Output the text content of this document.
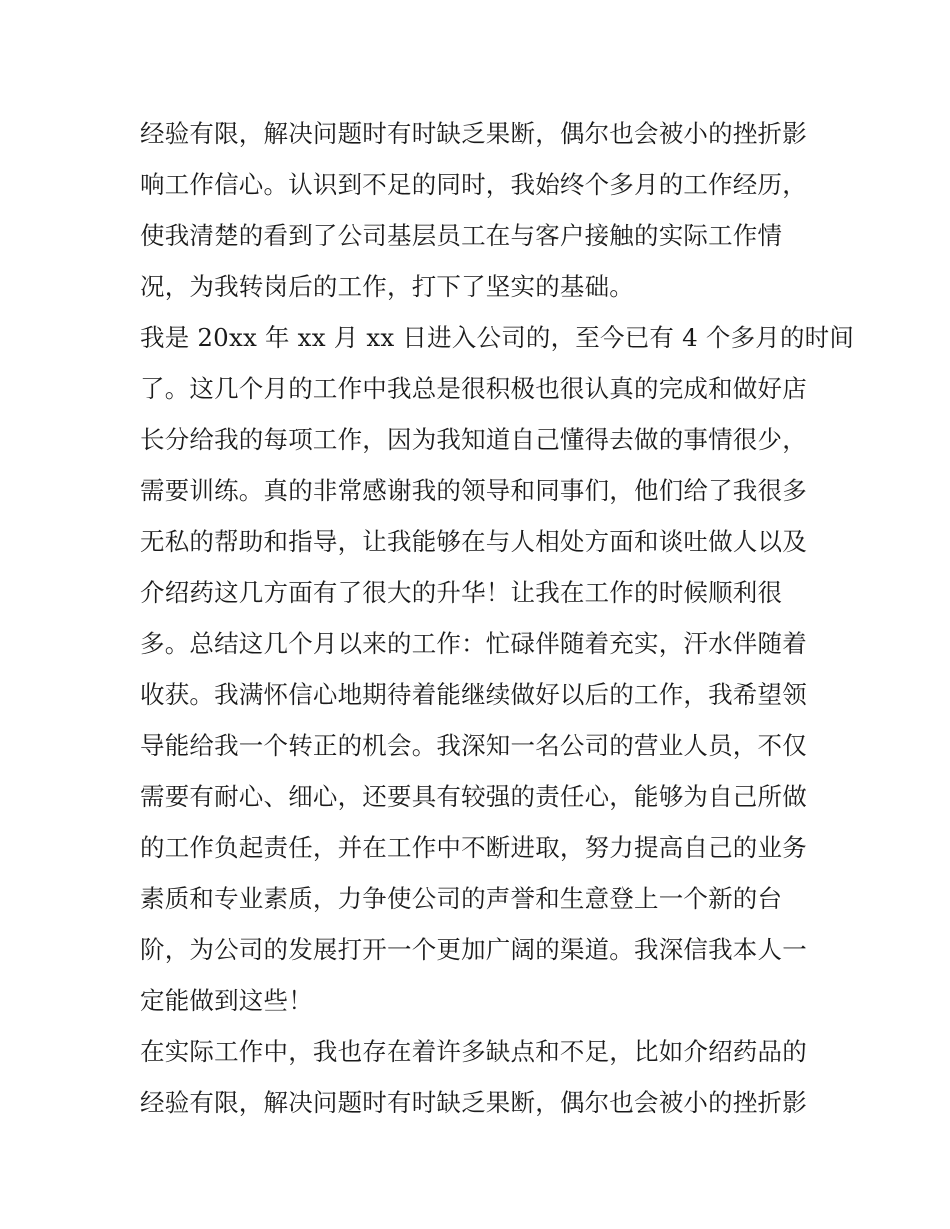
经验有限，解决问题时有时缺乏果断，偶尔也会被小的挫折影
响工作信心。认识到不足的同时，我始终个多月的工作经历，
使我清楚的看到了公司基层员工在与客户接触的实际工作情
况，为我转岗后的工作，打下了坚实的基础。
我是 20xx 年 xx 月 xx 日进入公司的，至今已有 4 个多月的时间
了。这几个月的工作中我总是很积极也很认真的完成和做好店
长分给我的每项工作，因为我知道自己懂得去做的事情很少，
需要训练。真的非常感谢我的领导和同事们，他们给了我很多
无私的帮助和指导，让我能够在与人相处方面和谈吐做人以及
介绍药这几方面有了很大的升华！让我在工作的时候顺利很
多。总结这几个月以来的工作：忙碌伴随着充实，汗水伴随着
收获。我满怀信心地期待着能继续做好以后的工作，我希望领
导能给我一个转正的机会。我深知一名公司的营业人员，不仅
需要有耐心、细心，还要具有较强的责任心，能够为自己所做
的工作负起责任，并在工作中不断进取，努力提高自己的业务
素质和专业素质，力争使公司的声誉和生意登上一个新的台
阶，为公司的发展打开一个更加广阔的渠道。我深信我本人一
定能做到这些！
在实际工作中，我也存在着许多缺点和不足，比如介绍药品的
经验有限，解决问题时有时缺乏果断，偶尔也会被小的挫折影
